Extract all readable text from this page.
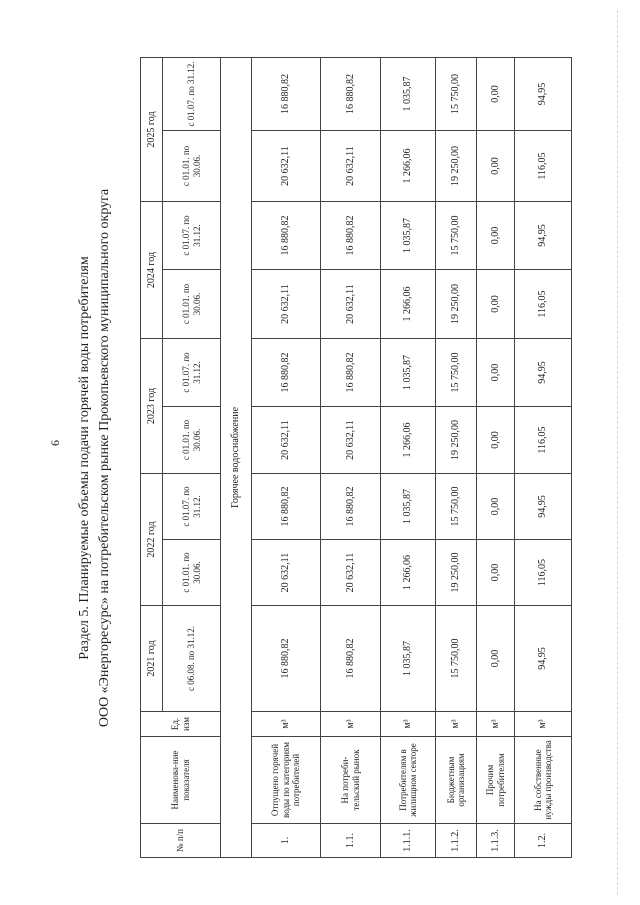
6 Раздел 5. Планируемые объемы подачи горячей воды потребителям ООО «Энергоресурс» на потребительском рынке Прокопьевского муниципального округа
№ п/п	Наименова-ние показателя	Ед. изм	2021 год	2022 год		2023 год		2024 год		2025 год	
			с 06.08. по 31.12.	с 01.01. по 30.06.	с 01.07. по 31.12.	с 01.01. по 30.06.	с 01.07. по 31.12.	с 01.01. по 30.06.	с 01.07. по 31.12.	с 01.01. по 30.06.	с 01.07. по 31.12.
Горячее водоснабжение											
1.	Отпущено горячей воды по категориям потребителей	м³	16 880,82	20 632,11	16 880,82	20 632,11	16 880,82	20 632,11	16 880,82	20 632,11	16 880,82
1.1.	На потреби-тельский рынок	м³	16 880,82	20 632,11	16 880,82	20 632,11	16 880,82	20 632,11	16 880,82	20 632,11	16 880,82
1.1.1.	Потребителям в жилищном секторе	м³	1 035,87	1 266,06	1 035,87	1 266,06	1 035,87	1 266,06	1 035,87	1 266,06	1 035,87
1.1.2.	Бюджетным организациям	м³	15 750,00	19 250,00	15 750,00	19 250,00	15 750,00	19 250,00	15 750,00	19 250,00	15 750,00
1.1.3.	Прочим потребителям	м³	0,00	0,00	0,00	0,00	0,00	0,00	0,00	0,00	0,00
1.2.	На собственные нужды производства	м³	94,95	116,05	94,95	116,05	94,95	116,05	94,95	116,05	94,95
